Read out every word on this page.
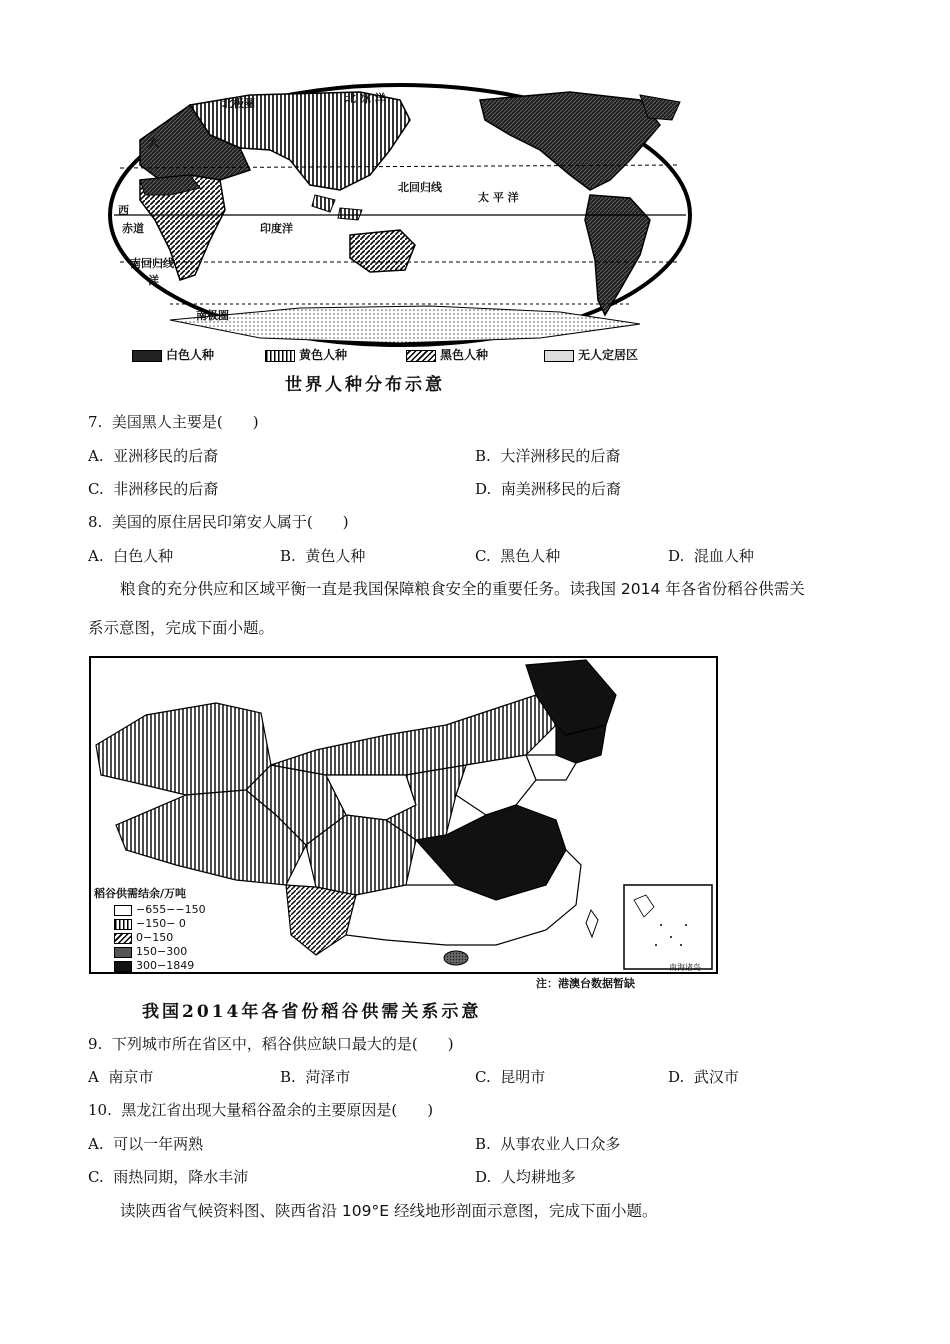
北极圈	北 冰 洋
大
北回归线
太 平 洋
西
赤道	印度洋
南回归线
洋
南极圈
白色人种	黄色人种	黑色人种	无人定居区
世界人种分布示意
7. 美国黑人主要是(　　)
A. 亚洲移民的后裔	B. 大洋洲移民的后裔
C. 非洲移民的后裔	D. 南美洲移民的后裔
8. 美国的原住居民印第安人属于(　　)
A. 白色人种	B. 黄色人种	C. 黑色人种	D. 混血人种
粮食的充分供应和区域平衡一直是我国保障粮食安全的重要任务。读我国 2014 年各省份稻谷供需关
系示意图，完成下面小题。
稻谷供需结余/万吨
−655−−150
−150− 0
0−150
150−300
300−1849	南海诸岛
注：港澳台数据暂缺
我国2014年各省份稻谷供需关系示意
9. 下列城市所在省区中，稻谷供应缺口最大的是(　　)
A 南京市	B. 菏泽市	C. 昆明市	D. 武汉市
10. 黑龙江省出现大量稻谷盈余的主要原因是(　　)
A. 可以一年两熟	B. 从事农业人口众多
C. 雨热同期，降水丰沛	D. 人均耕地多
读陕西省气候资料图、陕西省沿 109°E 经线地形剖面示意图，完成下面小题。
